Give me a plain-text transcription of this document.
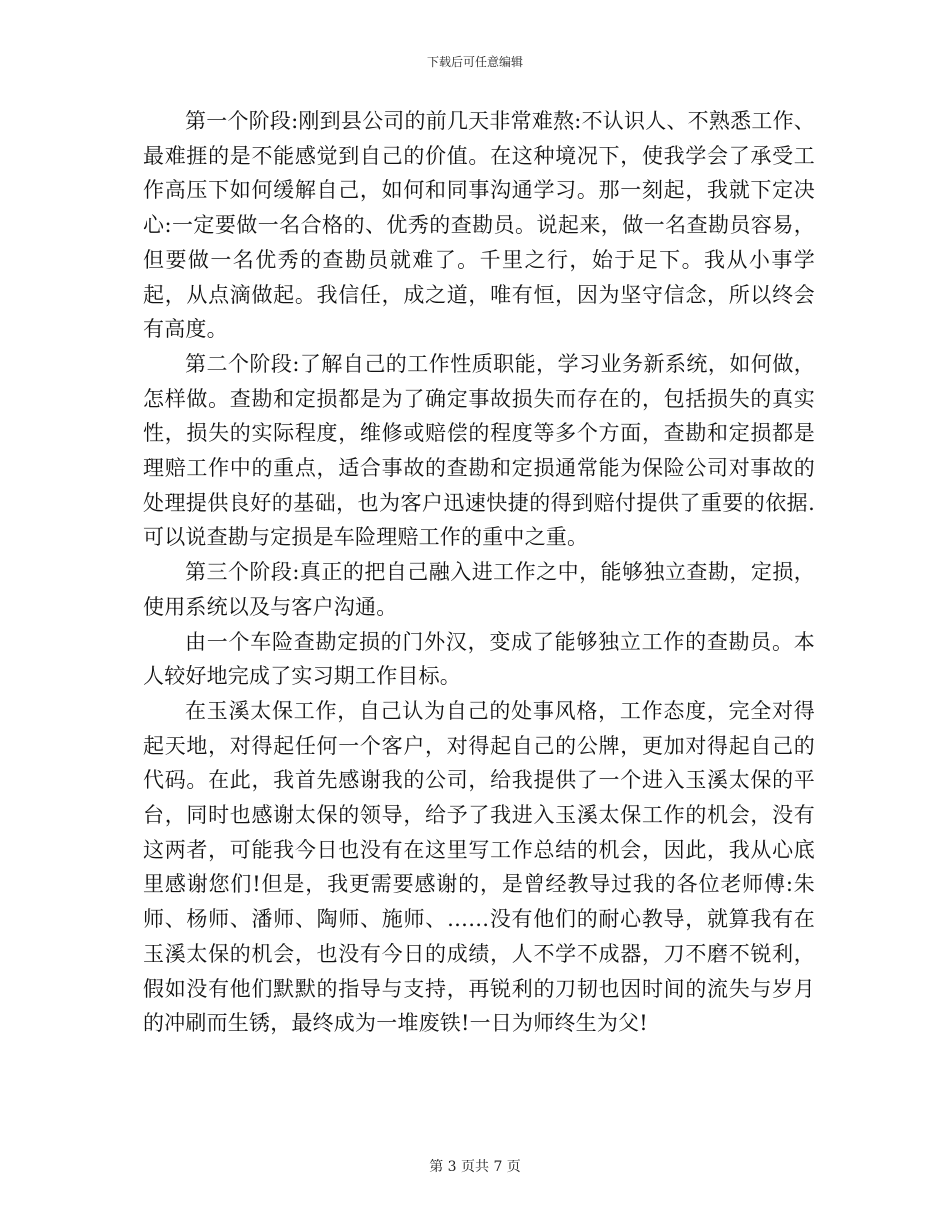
下载后可任意编辑

第一个阶段:刚到县公司的前几天非常难熬:不认识人、不熟悉工作、最难捱的是不能感觉到自己的价值。在这种境况下，使我学会了承受工作高压下如何缓解自己，如何和同事沟通学习。那一刻起，我就下定决心:一定要做一名合格的、优秀的查勘员。说起来，做一名查勘员容易，但要做一名优秀的查勘员就难了。千里之行，始于足下。我从小事学起，从点滴做起。我信任，成之道，唯有恒，因为坚守信念，所以终会有高度。

第二个阶段:了解自己的工作性质职能，学习业务新系统，如何做，怎样做。查勘和定损都是为了确定事故损失而存在的，包括损失的真实性，损失的实际程度，维修或赔偿的程度等多个方面，查勘和定损都是理赔工作中的重点，适合事故的查勘和定损通常能为保险公司对事故的处理提供良好的基础，也为客户迅速快捷的得到赔付提供了重要的依据.可以说查勘与定损是车险理赔工作的重中之重。

第三个阶段:真正的把自己融入进工作之中，能够独立查勘，定损，使用系统以及与客户沟通。

由一个车险查勘定损的门外汉，变成了能够独立工作的查勘员。本人较好地完成了实习期工作目标。

在玉溪太保工作，自己认为自己的处事风格，工作态度，完全对得起天地，对得起任何一个客户，对得起自己的公牌，更加对得起自己的代码。在此，我首先感谢我的公司，给我提供了一个进入玉溪太保的平台，同时也感谢太保的领导，给予了我进入玉溪太保工作的机会，没有这两者，可能我今日也没有在这里写工作总结的机会，因此，我从心底里感谢您们!但是，我更需要感谢的，是曾经教导过我的各位老师傅:朱师、杨师、潘师、陶师、施师、……没有他们的耐心教导，就算我有在玉溪太保的机会，也没有今日的成绩，人不学不成器，刀不磨不锐利，假如没有他们默默的指导与支持，再锐利的刀韧也因时间的流失与岁月的冲刷而生锈，最终成为一堆废铁!一日为师终生为父!

第 3 页共 7 页
